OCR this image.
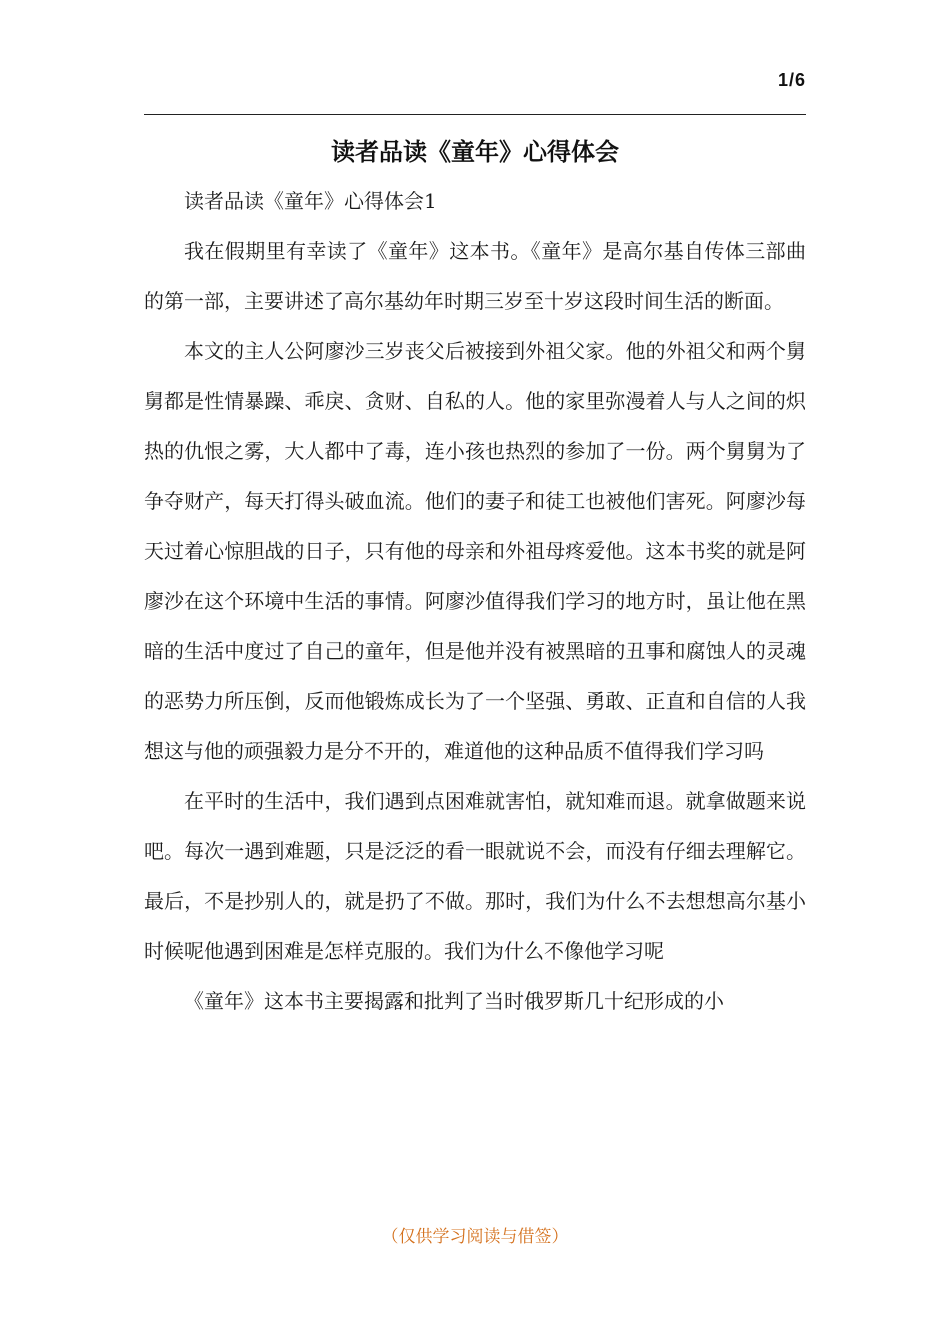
1/6
读者品读《童年》心得体会

读者品读《童年》心得体会1

我在假期里有幸读了《童年》这本书。《童年》是高尔基自传体三部曲的第一部，主要讲述了高尔基幼年时期三岁至十岁这段时间生活的断面。

本文的主人公阿廖沙三岁丧父后被接到外祖父家。他的外祖父和两个舅舅都是性情暴躁、乖戾、贪财、自私的人。他的家里弥漫着人与人之间的炽热的仇恨之雾，大人都中了毒，连小孩也热烈的参加了一份。两个舅舅为了争夺财产，每天打得头破血流。他们的妻子和徒工也被他们害死。阿廖沙每天过着心惊胆战的日子，只有他的母亲和外祖母疼爱他。这本书奖的就是阿廖沙在这个环境中生活的事情。阿廖沙值得我们学习的地方时，虽让他在黑暗的生活中度过了自己的童年，但是他并没有被黑暗的丑事和腐蚀人的灵魂的恶势力所压倒，反而他锻炼成长为了一个坚强、勇敢、正直和自信的人我想这与他的顽强毅力是分不开的，难道他的这种品质不值得我们学习吗

在平时的生活中，我们遇到点困难就害怕，就知难而退。就拿做题来说吧。每次一遇到难题，只是泛泛的看一眼就说不会，而没有仔细去理解它。最后，不是抄别人的，就是扔了不做。那时，我们为什么不去想想高尔基小时候呢他遇到困难是怎样克服的。我们为什么不像他学习呢

《童年》这本书主要揭露和批判了当时俄罗斯几十纪形成的小

（仅供学习阅读与借签）
